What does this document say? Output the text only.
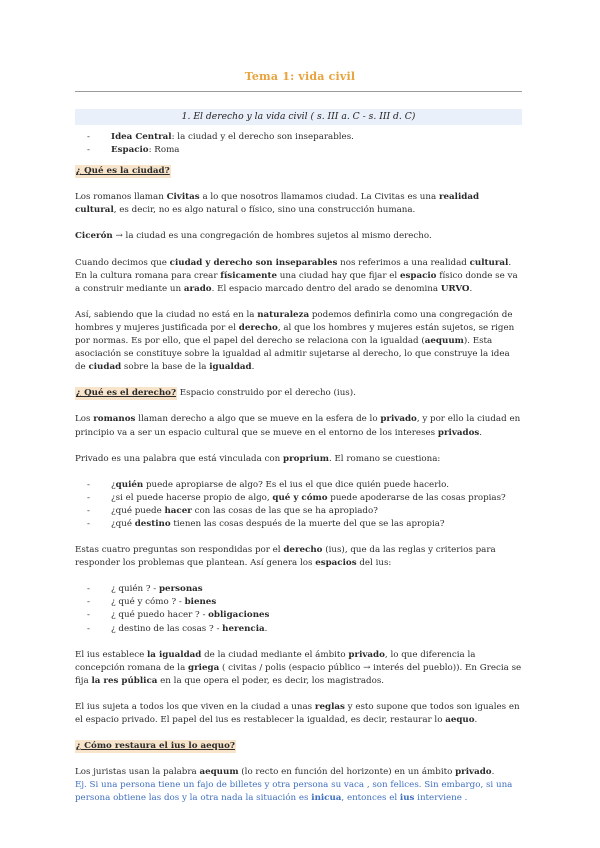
Tema 1: vida civil
1. El derecho y la vida civil ( s. III a. C - s. III d. C)

- Idea Central: la ciudad y el derecho son inseparables.

- Espacio: Roma

¿ Qué es la ciudad?

Los romanos llaman Civitas a lo que nosotros llamamos ciudad. La Civitas es una realidad cultural, es decir, no es algo natural o físico, sino una construcción humana.

Cicerón → la ciudad es una congregación de hombres sujetos al mismo derecho.

Cuando decimos que ciudad y derecho son inseparables nos referimos a una realidad cultural. En la cultura romana para crear físicamente una ciudad hay que fijar el espacio físico donde se va a construir mediante un arado. El espacio marcado dentro del arado se denomina URVO.

Así, sabiendo que la ciudad no está en la naturaleza podemos definirla como una congregación de hombres y mujeres justificada por el derecho, al que los hombres y mujeres están sujetos, se rigen por normas. Es por ello, que el papel del derecho se relaciona con la igualdad (aequum). Esta asociación se constituye sobre la igualdad al admitir sujetarse al derecho, lo que construye la idea de ciudad sobre la base de la igualdad.

¿ Qué es el derecho? Espacio construido por el derecho (ius).

Los romanos llaman derecho a algo que se mueve en la esfera de lo privado, y por ello la ciudad en principio va a ser un espacio cultural que se mueve en el entorno de los intereses privados.

Privado es una palabra que está vinculada con proprium. El romano se cuestiona:

- ¿quién puede apropiarse de algo? Es el ius el que dice quién puede hacerlo.

- ¿si el puede hacerse propio de algo, qué y cómo puede apoderarse de las cosas propias?

- ¿qué puede hacer con las cosas de las que se ha apropiado?

- ¿qué destino tienen las cosas después de la muerte del que se las apropia?

Estas cuatro preguntas son respondidas por el derecho (ius), que da las reglas y criterios para responder los problemas que plantean. Así genera los espacios del ius:

- ¿ quién ? - personas

- ¿ qué y cómo ? - bienes

- ¿ qué puedo hacer ? - obligaciones

- ¿ destino de las cosas ? - herencia.

El ius establece la igualdad de la ciudad mediante el ámbito privado, lo que diferencia la concepción romana de la griega ( civitas / polis (espacio público → interés del pueblo)). En Grecia se fija la res pública en la que opera el poder, es decir, los magistrados.

El ius sujeta a todos los que viven en la ciudad a unas reglas y esto supone que todos son iguales en el espacio privado. El papel del ius es restablecer la igualdad, es decir, restaurar lo aequo.

¿ Cómo restaura el ius lo aequo?

Los juristas usan la palabra aequum (lo recto en función del horizonte) en un ámbito privado.

Ej. Si una persona tiene un fajo de billetes y otra persona su vaca , son felices. Sin embargo, si una persona obtiene las dos y la otra nada la situación es inicua, entonces el ius interviene .
